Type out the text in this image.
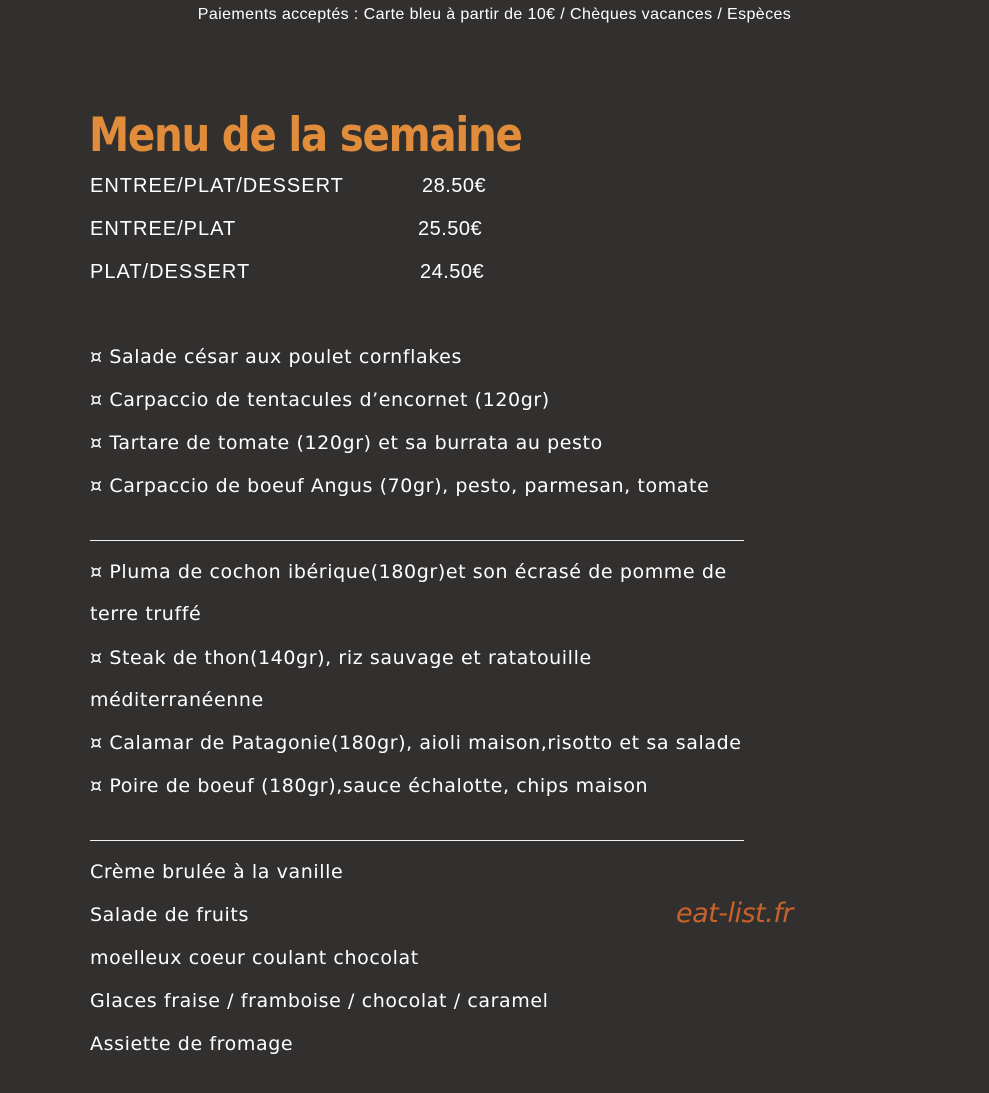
Paiements acceptés : Carte bleu à partir de 10€ / Chèques vacances / Espèces
Menu de la semaine
ENTREE/PLAT/DESSERT	28.50€
ENTREE/PLAT	25.50€
PLAT/DESSERT	24.50€
¤ Salade césar aux poulet cornflakes
¤ Carpaccio de tentacules d’encornet (120gr)
¤ Tartare de tomate (120gr) et sa burrata au pesto
¤ Carpaccio de boeuf Angus (70gr), pesto, parmesan, tomate
¤ Pluma de cochon ibérique(180gr)et son écrasé de pomme de
terre truffé
¤ Steak de thon(140gr), riz sauvage et ratatouille
méditerranéenne
¤ Calamar de Patagonie(180gr), aioli maison,risotto et sa salade
¤ Poire de boeuf (180gr),sauce échalotte, chips maison
Crème brulée à la vanille
Salade de fruits
moelleux coeur coulant chocolat
Glaces fraise / framboise / chocolat / caramel
Assiette de fromage
eat-list.fr
